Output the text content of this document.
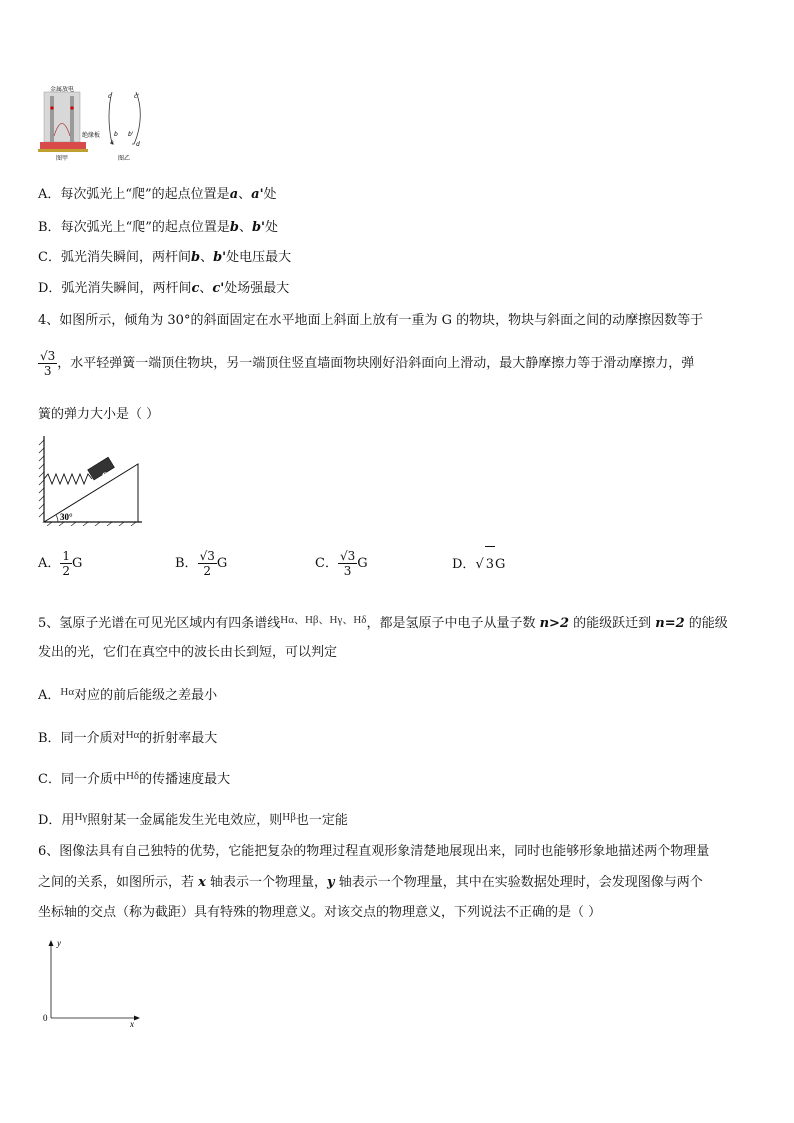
金属放电
绝缘板
图甲
a
b
c
b'
c'
d
图乙
A．每次弧光上“爬”的起点位置是a、a'处
B．每次弧光上“爬”的起点位置是b、b'处
C．弧光消失瞬间，两杆间b、b'处电压最大
D．弧光消失瞬间，两杆间c、c'处场强最大
4、如图所示，倾角为 30°的斜面固定在水平地面上斜面上放有一重为 G 的物块，物块与斜面之间的动摩擦因数等于
$\frac{√3}{3}$ ，水平轻弹簧一端顶住物块，另一端顶住竖直墙面物块刚好沿斜面向上滑动，最大静摩擦力等于滑动摩擦力，弹
簧的弹力大小是（ ）
G
30°
A． $\frac{1}{2}$ G	B． $\frac{√3}{2}$ G	C． $\frac{√3}{3}$ G	D．√ 3G
5、氢原子光谱在可见光区域内有四条谱线$^{H\alpha、H\beta、H\gamma、H\delta}$，都是氢原子中电子从量子数 n>2 的能级跃迁到 n=2 的能级
发出的光，它们在真空中的波长由长到短，可以判定
A．$^{H\alpha}$对应的前后能级之差最小
B．同一介质对$^{H\alpha}$的折射率最大
C．同一介质中$^{H\delta}$的传播速度最大
D．用$^{H\gamma}$照射某一金属能发生光电效应，则$^{H\beta}$也一定能
6、图像法具有自己独特的优势，它能把复杂的物理过程直观形象清楚地展现出来，同时也能够形象地描述两个物理量
之间的关系，如图所示，若 x 轴表示一个物理量，y 轴表示一个物理量，其中在实验数据处理时，会发现图像与两个
坐标轴的交点（称为截距）具有特殊的物理意义。对该交点的物理意义，下列说法不正确的是（ ）
y
x
0
